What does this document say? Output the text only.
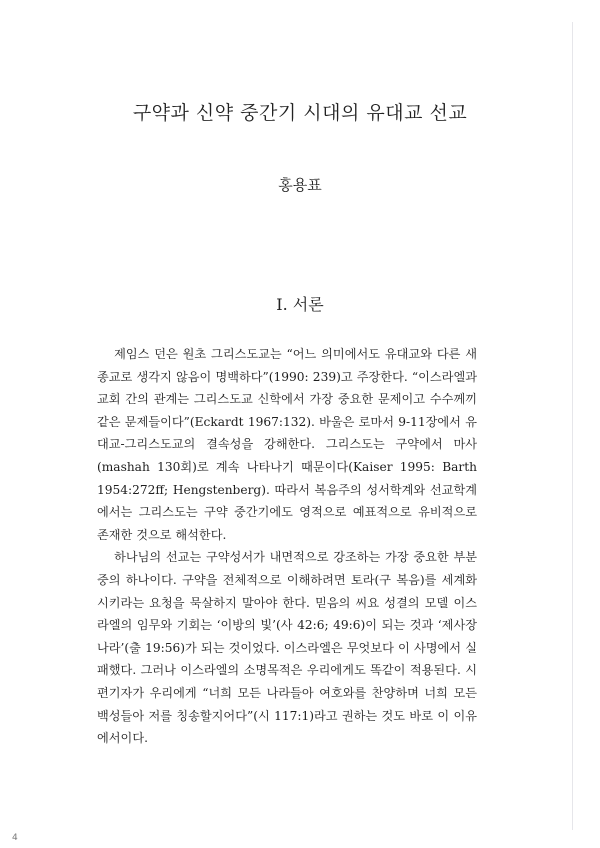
구약과 신약 중간기 시대의 유대교 선교
홍용표
I. 서론

제임스 던은 원초 그리스도교는 “어느 의미에서도 유대교와 다른 새 종교로 생각지 않음이 명백하다”(1990: 239)고 주장한다. “이스라엘과 교회 간의 관계는 그리스도교 신학에서 가장 중요한 문제이고 수수께끼 같은 문제들이다”(Eckardt 1967:132). 바울은 로마서 9-11장에서 유대교-그리스도교의 결속성을 강해한다. 그리스도는 구약에서 마사(mashah 130회)로 계속 나타나기 때문이다(Kaiser 1995: Barth 1954:272ff; Hengstenberg). 따라서 복음주의 성서학계와 선교학계에서는 그리스도는 구약 중간기에도 영적으로 예표적으로 유비적으로 존재한 것으로 해석한다.

하나님의 선교는 구약성서가 내면적으로 강조하는 가장 중요한 부분 중의 하나이다. 구약을 전체적으로 이해하려면 토라(구 복음)를 세계화시키라는 요청을 묵살하지 말아야 한다. 믿음의 씨요 성결의 모델 이스라엘의 임무와 기회는 ‘이방의 빛’(사 42:6; 49:6)이 되는 것과 ‘제사장 나라’(출 19:56)가 되는 것이었다. 이스라엘은 무엇보다 이 사명에서 실패했다. 그러나 이스라엘의 소명목적은 우리에게도 똑같이 적용된다. 시편기자가 우리에게 “너희 모든 나라들아 여호와를 찬양하며 너희 모든 백성들아 저를 칭송할지어다”(시 117:1)라고 권하는 것도 바로 이 이유에서이다.

4
